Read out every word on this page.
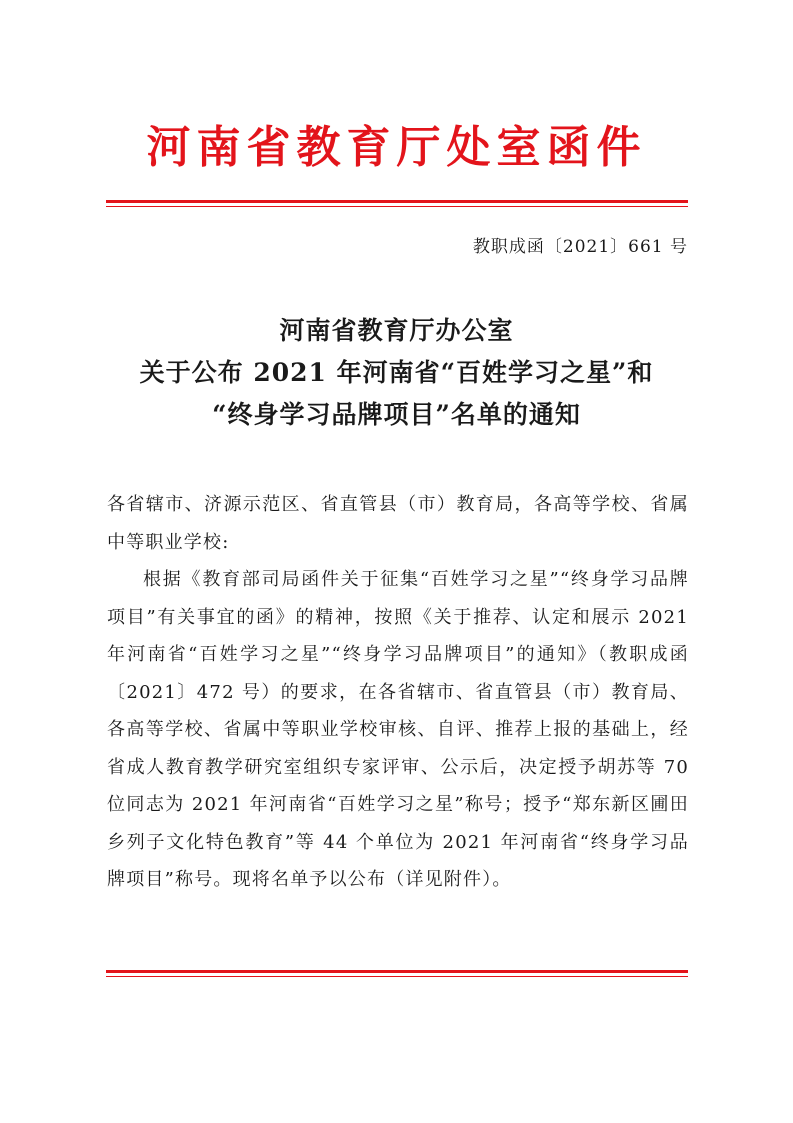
河南省教育厅处室函件
教职成函〔2021〕661 号
河南省教育厅办公室
关于公布 2021 年河南省“百姓学习之星”和
“终身学习品牌项目”名单的通知

各省辖市、济源示范区、省直管县（市）教育局，各高等学校、省属中等职业学校:

根据《教育部司局函件关于征集“百姓学习之星”“终身学习品牌项目”有关事宜的函》的精神，按照《关于推荐、认定和展示 2021 年河南省“百姓学习之星”“终身学习品牌项目”的通知》（教职成函〔2021〕472 号）的要求，在各省辖市、省直管县（市）教育局、各高等学校、省属中等职业学校审核、自评、推荐上报的基础上，经省成人教育教学研究室组织专家评审、公示后，决定授予胡苏等 70 位同志为 2021 年河南省“百姓学习之星”称号；授予“郑东新区圃田乡列子文化特色教育”等 44 个单位为 2021 年河南省“终身学习品牌项目”称号。现将名单予以公布（详见附件）。
